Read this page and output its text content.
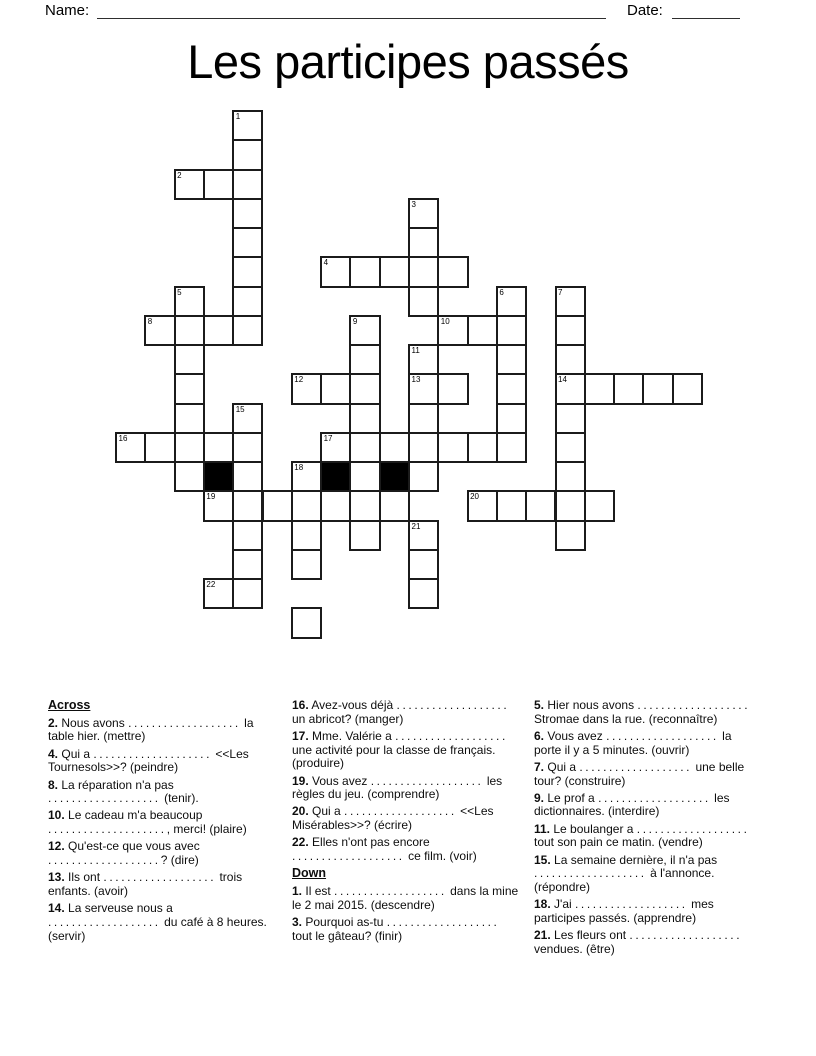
Name:	Date:
Les participes passés
1
2
3
4
5	6	7
8	9	10
11
12	13	14
15
16	17
18
19	20
21
22

Across

2. Nous avons ................... la table hier. (mettre)

4. Qui a .................... <<Les Tournesols>>? (peindre)

8. La réparation n'a pas ................... (tenir).

10. Le cadeau m'a beaucoup ...................., merci! (plaire)

12. Qu'est-ce que vous avec ...................? (dire)

13. Ils ont ................... trois enfants. (avoir)

14. La serveuse nous a ................... du café à 8 heures. (servir)

16. Avez-vous déjà ................... un abricot? (manger)

17. Mme. Valérie a ................... une activité pour la classe de français. (produire)

19. Vous avez ................... les règles du jeu. (comprendre)

20. Qui a ................... <<Les Misérables>>? (écrire)

22. Elles n'ont pas encore ................... ce film. (voir)

Down

1. Il est ................... dans la mine le 2 mai 2015. (descendre)

3. Pourquoi as-tu ................... tout le gâteau? (finir)

5. Hier nous avons ................... Stromae dans la rue. (reconnaître)

6. Vous avez ................... la porte il y a 5 minutes. (ouvrir)

7. Qui a ................... une belle tour? (construire)

9. Le prof a ................... les dictionnaires. (interdire)

11. Le boulanger a ................... tout son pain ce matin. (vendre)

15. La semaine dernière, il n'a pas ................... à l'annonce. (répondre)

18. J'ai ................... mes participes passés. (apprendre)

21. Les fleurs ont ................... vendues. (être)
